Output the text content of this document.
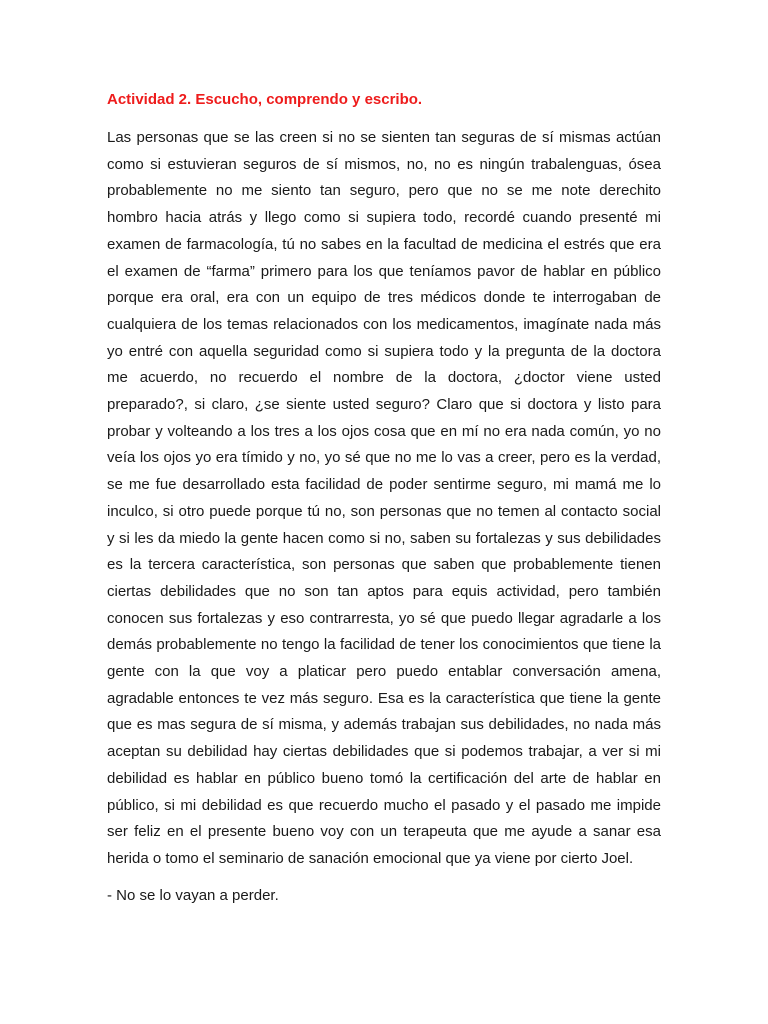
Actividad 2. Escucho, comprendo y escribo.

Las personas que se las creen si no se sienten tan seguras de sí mismas actúan
como si estuvieran seguros de sí mismos, no, no es ningún trabalenguas, ósea
probablemente no me siento tan seguro, pero que no se me note derechito
hombro hacia atrás y llego como si supiera todo, recordé cuando presenté mi
examen de farmacología, tú no sabes en la facultad de medicina el estrés que era
el examen de “farma” primero para los que teníamos pavor de hablar en público
porque era oral, era con un equipo de tres médicos donde te interrogaban de
cualquiera de los temas relacionados con los medicamentos, imagínate nada más
yo entré con aquella seguridad como si supiera todo y la pregunta de la doctora
me acuerdo, no recuerdo el nombre de la doctora, ¿doctor viene usted
preparado?, si claro, ¿se siente usted seguro? Claro que si doctora y listo para
probar y volteando a los tres a los ojos cosa que en mí no era nada común, yo no
veía los ojos yo era tímido y no, yo sé que no me lo vas a creer, pero es la verdad,
se me fue desarrollado esta facilidad de poder sentirme seguro, mi mamá me lo
inculco, si otro puede porque tú no, son personas que no temen al contacto social
y si les da miedo la gente hacen como si no, saben su fortalezas y sus debilidades
es la tercera característica, son personas que saben que probablemente tienen
ciertas debilidades que no son tan aptos para equis actividad, pero también
conocen sus fortalezas y eso contrarresta, yo sé que puedo llegar agradarle a los
demás probablemente no tengo la facilidad de tener los conocimientos que tiene la
gente con la que voy a platicar pero puedo entablar conversación amena,
agradable entonces te vez más seguro. Esa es la característica que tiene la gente
que es mas segura de sí misma, y además trabajan sus debilidades, no nada más
aceptan su debilidad hay ciertas debilidades que si podemos trabajar, a ver si mi
debilidad es hablar en público bueno tomó la certificación del arte de hablar en
público, si mi debilidad es que recuerdo mucho el pasado y el pasado me impide
ser feliz en el presente bueno voy con un terapeuta que me ayude a sanar esa
herida o tomo el seminario de sanación emocional que ya viene por cierto Joel.

- No se lo vayan a perder.
